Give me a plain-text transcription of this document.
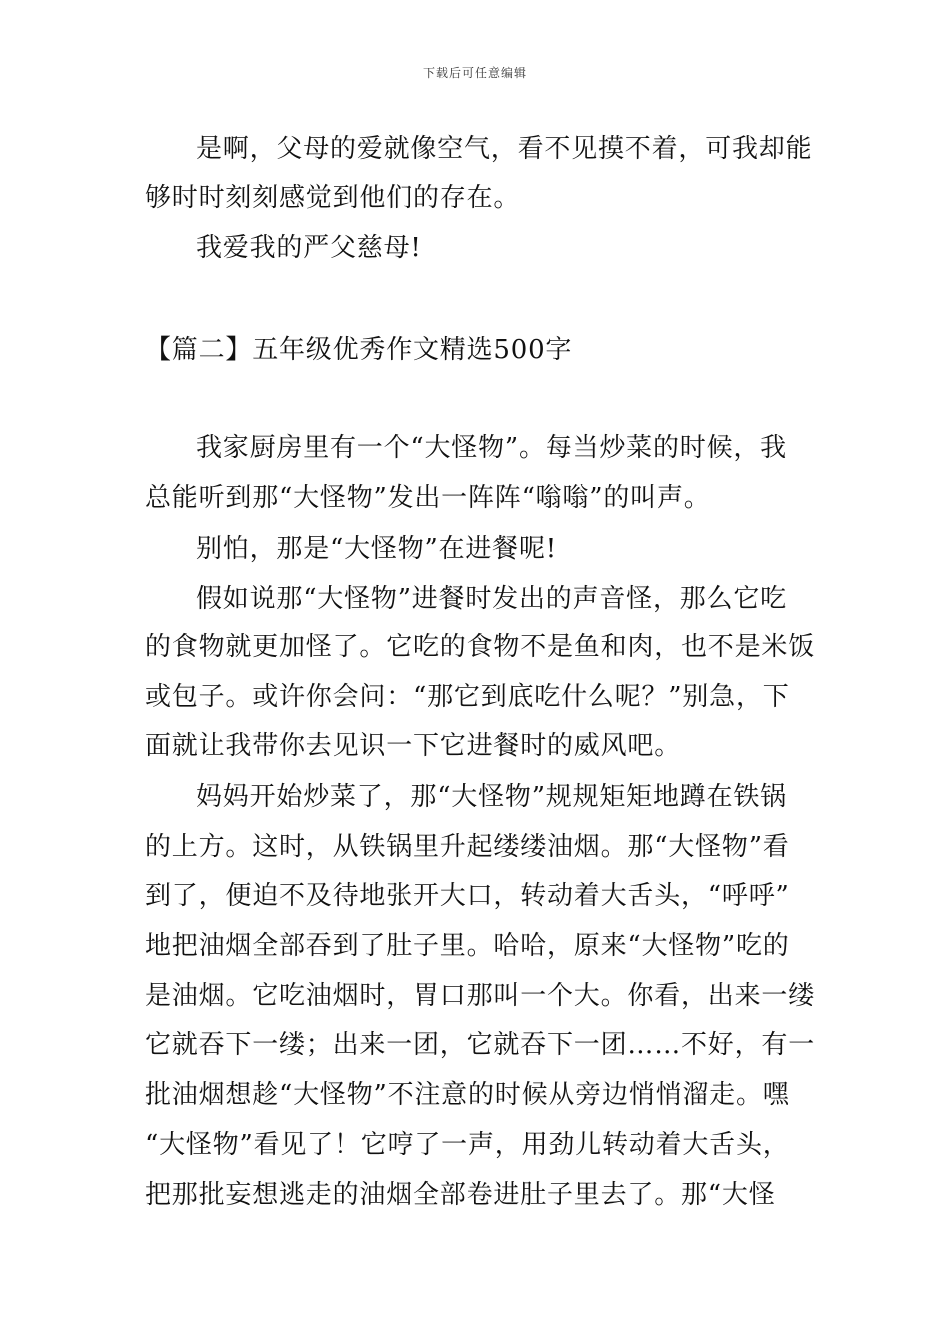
下载后可任意编辑
是啊，父母的爱就像空气，看不见摸不着，可我却能
够时时刻刻感觉到他们的存在。
我爱我的严父慈母!
【篇二】五年级优秀作文精选500字
我家厨房里有一个“大怪物”。每当炒菜的时候，我
总能听到那“大怪物”发出一阵阵“嗡嗡”的叫声。
别怕，那是“大怪物”在进餐呢!
假如说那“大怪物”进餐时发出的声音怪，那么它吃
的食物就更加怪了。它吃的食物不是鱼和肉，也不是米饭
或包子。或许你会问：“那它到底吃什么呢？”别急，下
面就让我带你去见识一下它进餐时的威风吧。
妈妈开始炒菜了，那“大怪物”规规矩矩地蹲在铁锅
的上方。这时，从铁锅里升起缕缕油烟。那“大怪物”看
到了，便迫不及待地张开大口，转动着大舌头，“呼呼”
地把油烟全部吞到了肚子里。哈哈，原来“大怪物”吃的
是油烟。它吃油烟时，胃口那叫一个大。你看，出来一缕
它就吞下一缕；出来一团，它就吞下一团……不好，有一
批油烟想趁“大怪物”不注意的时候从旁边悄悄溜走。嘿
“大怪物”看见了！它哼了一声，用劲儿转动着大舌头，
把那批妄想逃走的油烟全部卷进肚子里去了。那“大怪
